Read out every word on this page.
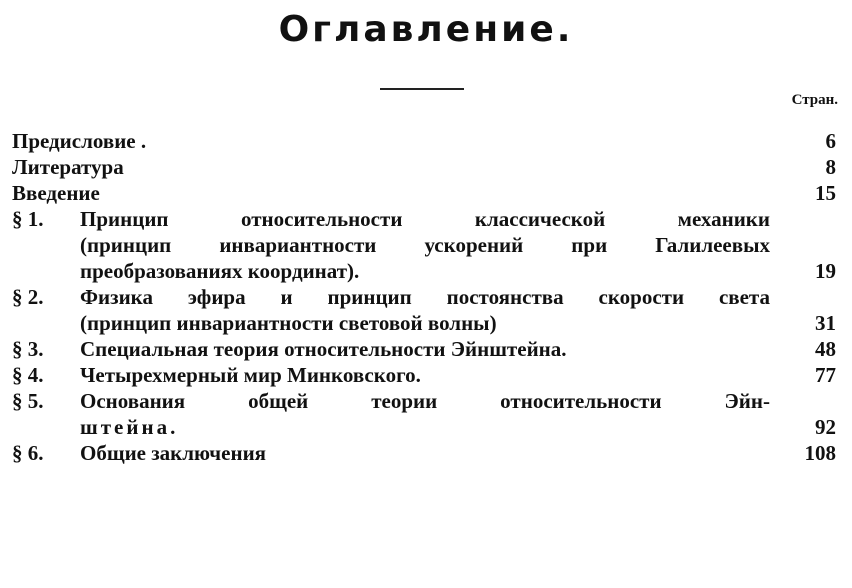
Оглавление.
Стран.
Предисловие .	6
Литература	8
Введение	15
§ 1. Принцип относительности классической механики
(принцип инвариантности ускорений при Галилеевых
преобразованиях координат).	19
§ 2. Физика эфира и принцип постоянства скорости света
(принцип инвариантности световой волны)	31
§ 3. Специальная теория относительности Эйнштейна.	48
§ 4. Четырехмерный мир Минковского.	77
§ 5. Основания общей теории относительности Эйн-
штейна.	92
§ 6. Общие заключения	108
